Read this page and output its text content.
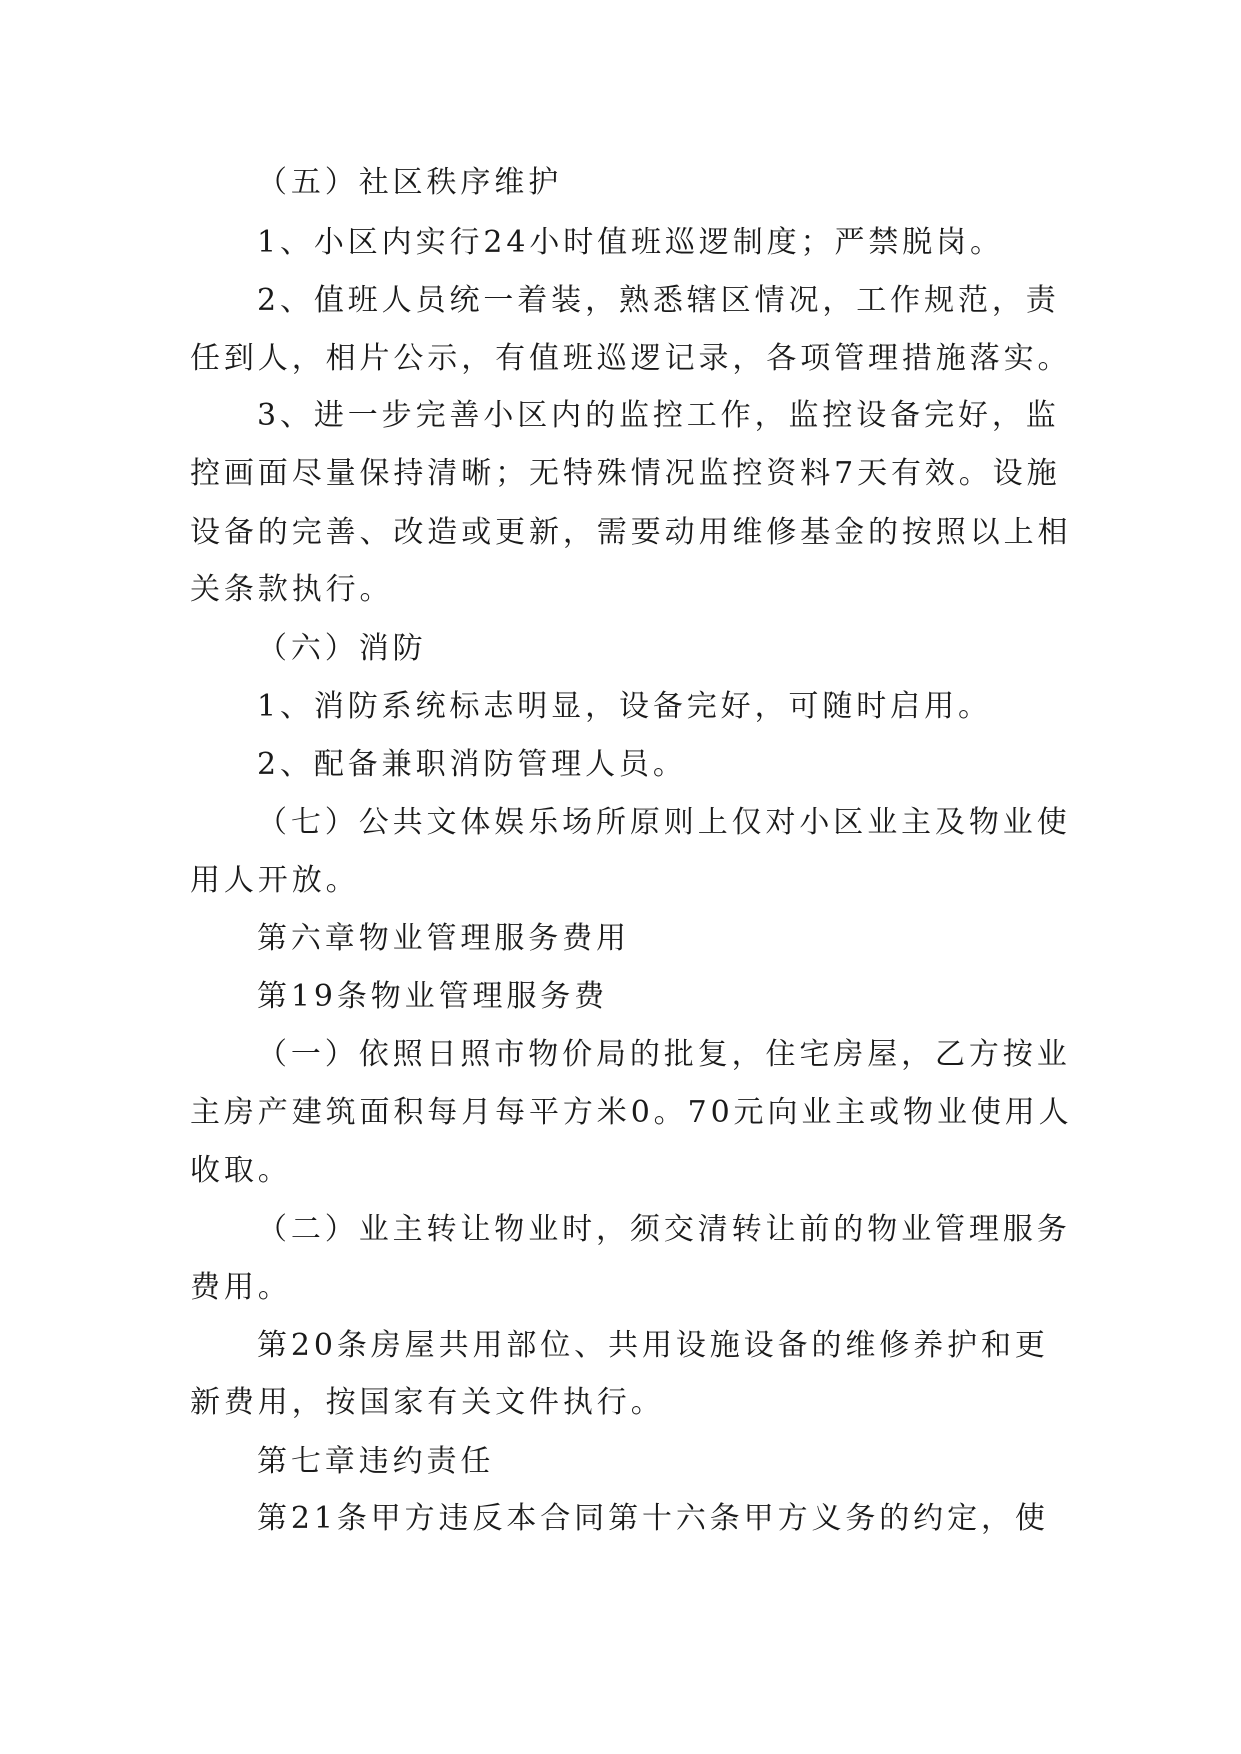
（五）社区秩序维护
1、小区内实行24小时值班巡逻制度；严禁脱岗。
2、值班人员统一着装，熟悉辖区情况，工作规范，责
任到人，相片公示，有值班巡逻记录，各项管理措施落实。
3、进一步完善小区内的监控工作，监控设备完好，监
控画面尽量保持清晰；无特殊情况监控资料7天有效。设施
设备的完善、改造或更新，需要动用维修基金的按照以上相
关条款执行。
（六）消防
1、消防系统标志明显，设备完好，可随时启用。
2、配备兼职消防管理人员。
（七）公共文体娱乐场所原则上仅对小区业主及物业使
用人开放。
第六章物业管理服务费用
第19条物业管理服务费
（一）依照日照市物价局的批复，住宅房屋，乙方按业
主房产建筑面积每月每平方米0。70元向业主或物业使用人
收取。
（二）业主转让物业时，须交清转让前的物业管理服务
费用。
第20条房屋共用部位、共用设施设备的维修养护和更
新费用，按国家有关文件执行。
第七章违约责任
第21条甲方违反本合同第十六条甲方义务的约定，使
